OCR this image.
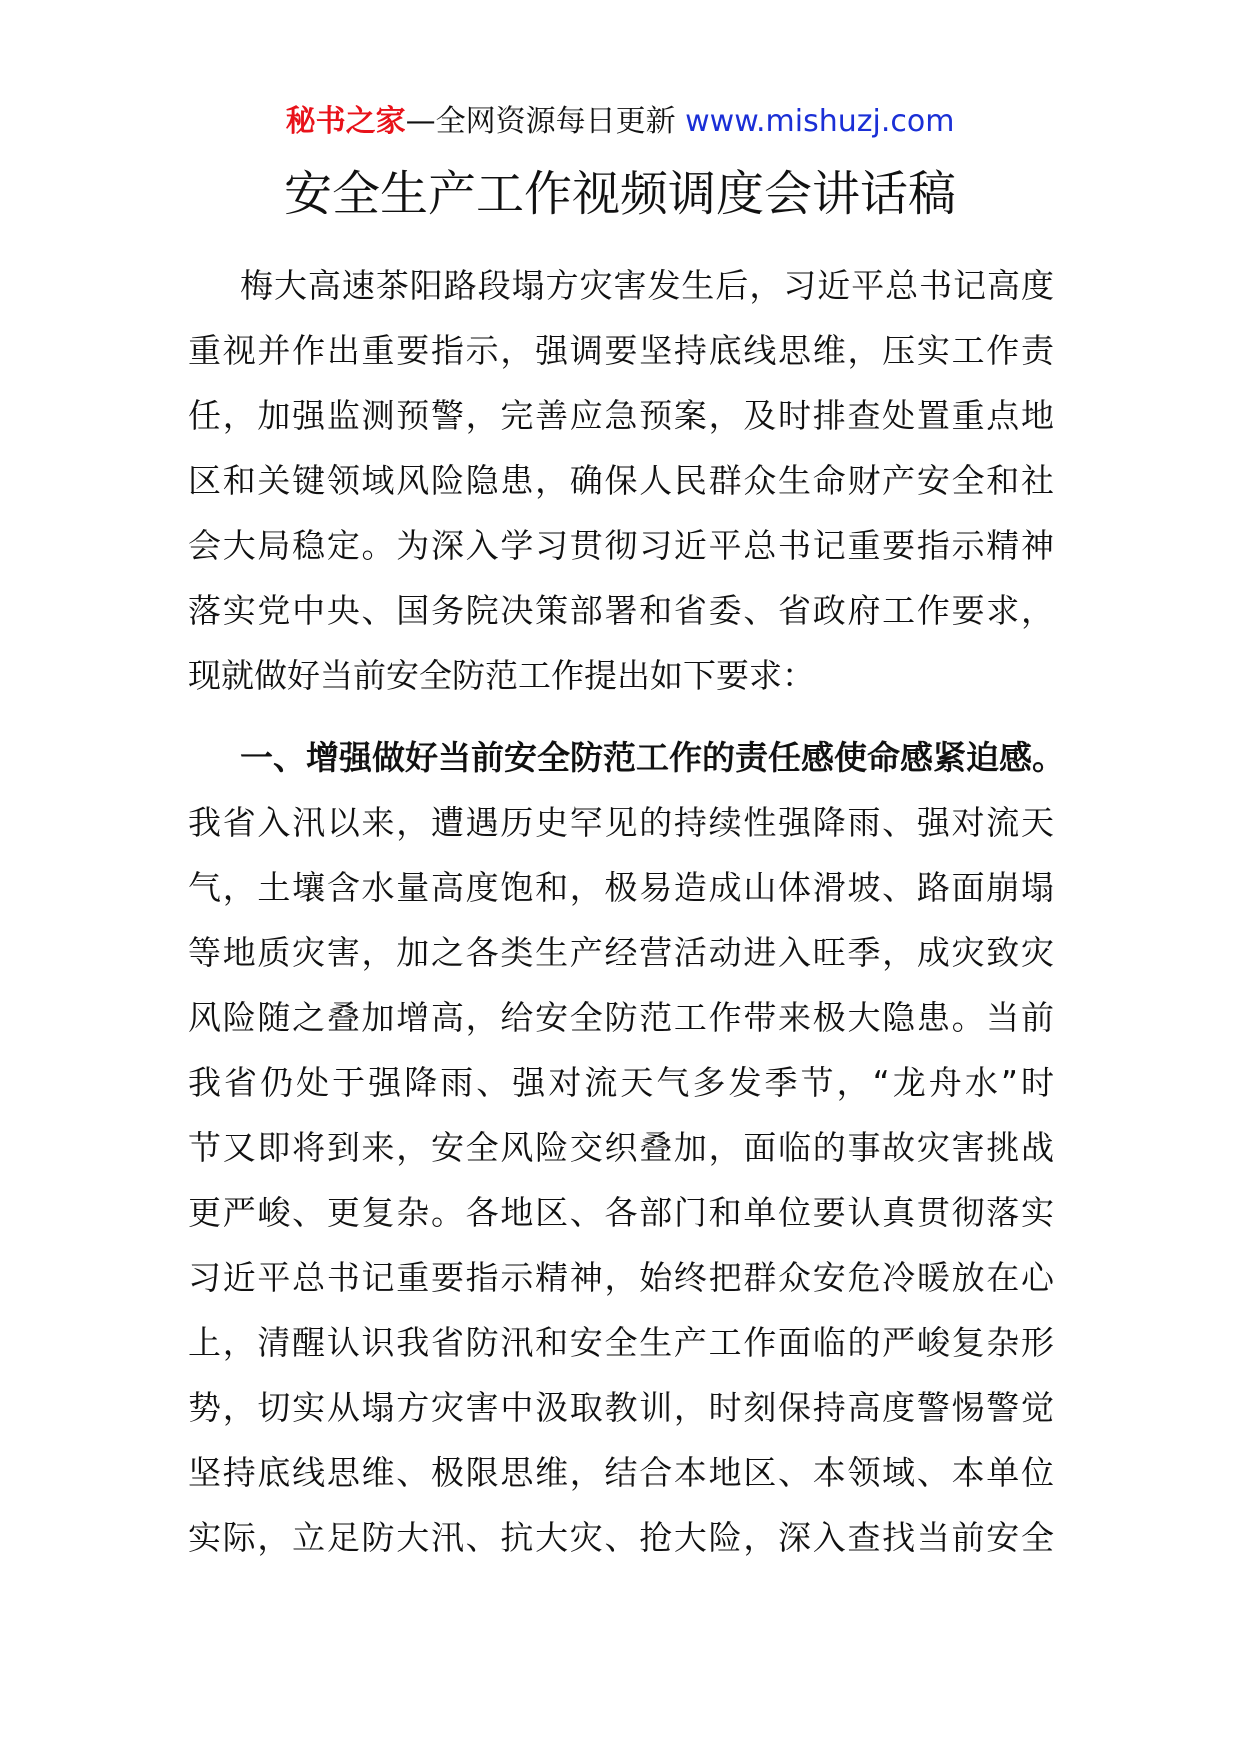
秘书之家—全网资源每日更新 www.mishuzj.com
安全生产工作视频调度会讲话稿
梅大高速茶阳路段塌方灾害发生后，习近平总书记高度
重视并作出重要指示，强调要坚持底线思维，压实工作责
任，加强监测预警，完善应急预案，及时排查处置重点地
区和关键领域风险隐患，确保人民群众生命财产安全和社
会大局稳定。为深入学习贯彻习近平总书记重要指示精神
落实党中央、国务院决策部署和省委、省政府工作要求，
现就做好当前安全防范工作提出如下要求：
一、增强做好当前安全防范工作的责任感使命感紧迫感。
我省入汛以来，遭遇历史罕见的持续性强降雨、强对流天
气，土壤含水量高度饱和，极易造成山体滑坡、路面崩塌
等地质灾害，加之各类生产经营活动进入旺季，成灾致灾
风险随之叠加增高，给安全防范工作带来极大隐患。当前
我省仍处于强降雨、强对流天气多发季节，“龙舟水”时
节又即将到来，安全风险交织叠加，面临的事故灾害挑战
更严峻、更复杂。各地区、各部门和单位要认真贯彻落实
习近平总书记重要指示精神，始终把群众安危冷暖放在心
上，清醒认识我省防汛和安全生产工作面临的严峻复杂形
势，切实从塌方灾害中汲取教训，时刻保持高度警惕警觉
坚持底线思维、极限思维，结合本地区、本领域、本单位
实际，立足防大汛、抗大灾、抢大险，深入查找当前安全
